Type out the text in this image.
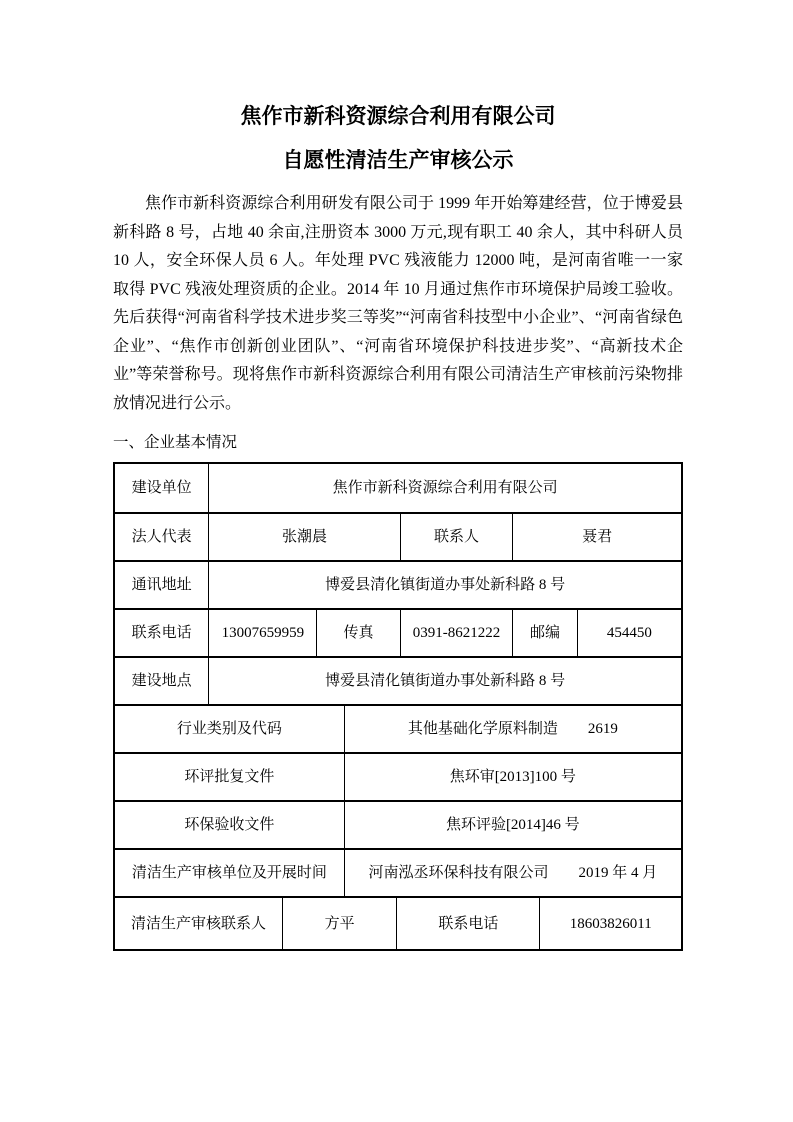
焦作市新科资源综合利用有限公司
自愿性清洁生产审核公示

焦作市新科资源综合利用研发有限公司于 1999 年开始筹建经营，位于博爱县新科路 8 号，占地 40 余亩,注册资本 3000 万元,现有职工 40 余人，其中科研人员 10 人，安全环保人员 6 人。年处理 PVC 残液能力 12000 吨，是河南省唯一一家取得 PVC 残液处理资质的企业。2014 年 10 月通过焦作市环境保护局竣工验收。先后获得“河南省科学技术进步奖三等奖”“河南省科技型中小企业”、“河南省绿色企业”、“焦作市创新创业团队”、“河南省环境保护科技进步奖”、“高新技术企业”等荣誉称号。现将焦作市新科资源综合利用有限公司清洁生产审核前污染物排放情况进行公示。

一、企业基本情况
建设单位	焦作市新科资源综合利用有限公司
法人代表	张潮晨	联系人	聂君
通讯地址	博爱县清化镇街道办事处新科路 8 号
联系电话	13007659959	传真	0391-8621222	邮编	454450
建设地点	博爱县清化镇街道办事处新科路 8 号
行业类别及代码	其他基础化学原料制造　　2619
环评批复文件	焦环审[2013]100 号
环保验收文件	焦环评验[2014]46 号
清洁生产审核单位及开展时间	河南泓丞环保科技有限公司　　2019 年 4 月
清洁生产审核联系人	方平	联系电话	18603826011
